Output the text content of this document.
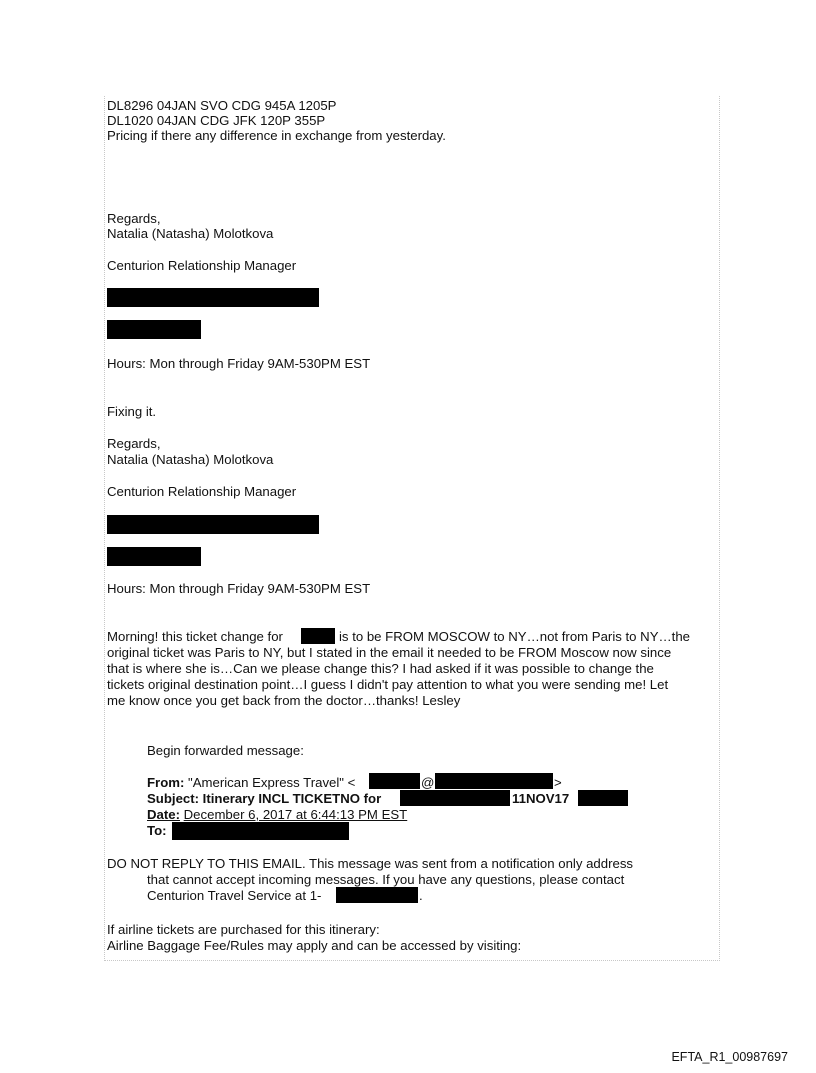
DL8296 04JAN SVO CDG 945A 1205P
DL1020 04JAN CDG JFK 120P 355P
Pricing if there any difference in exchange from yesterday.
Regards,
Natalia (Natasha) Molotkova
Centurion Relationship Manager
Hours: Mon through Friday 9AM-530PM EST
Fixing it.
Regards,
Natalia (Natasha) Molotkova
Centurion Relationship Manager
Hours: Mon through Friday 9AM-530PM EST
Morning! this ticket change for	is to be FROM MOSCOW to NY…not from Paris to NY…the
original ticket was Paris to NY, but I stated in the email it needed to be FROM Moscow now since
that is where she is…Can we please change this? I had asked if it was possible to change the
tickets original destination point…I guess I didn't pay attention to what you were sending me! Let
me know once you get back from the doctor…thanks! Lesley
Begin forwarded message:
From: "American Express Travel" <	@	>
Subject: Itinerary INCL TICKETNO for	11NOV17
Date: December 6, 2017 at 6:44:13 PM EST
To:
DO NOT REPLY TO THIS EMAIL. This message was sent from a notification only address
that cannot accept incoming messages. If you have any questions, please contact
Centurion Travel Service at 1-	.
If airline tickets are purchased for this itinerary:
Airline Baggage Fee/Rules may apply and can be accessed by visiting:
EFTA_R1_00987697
